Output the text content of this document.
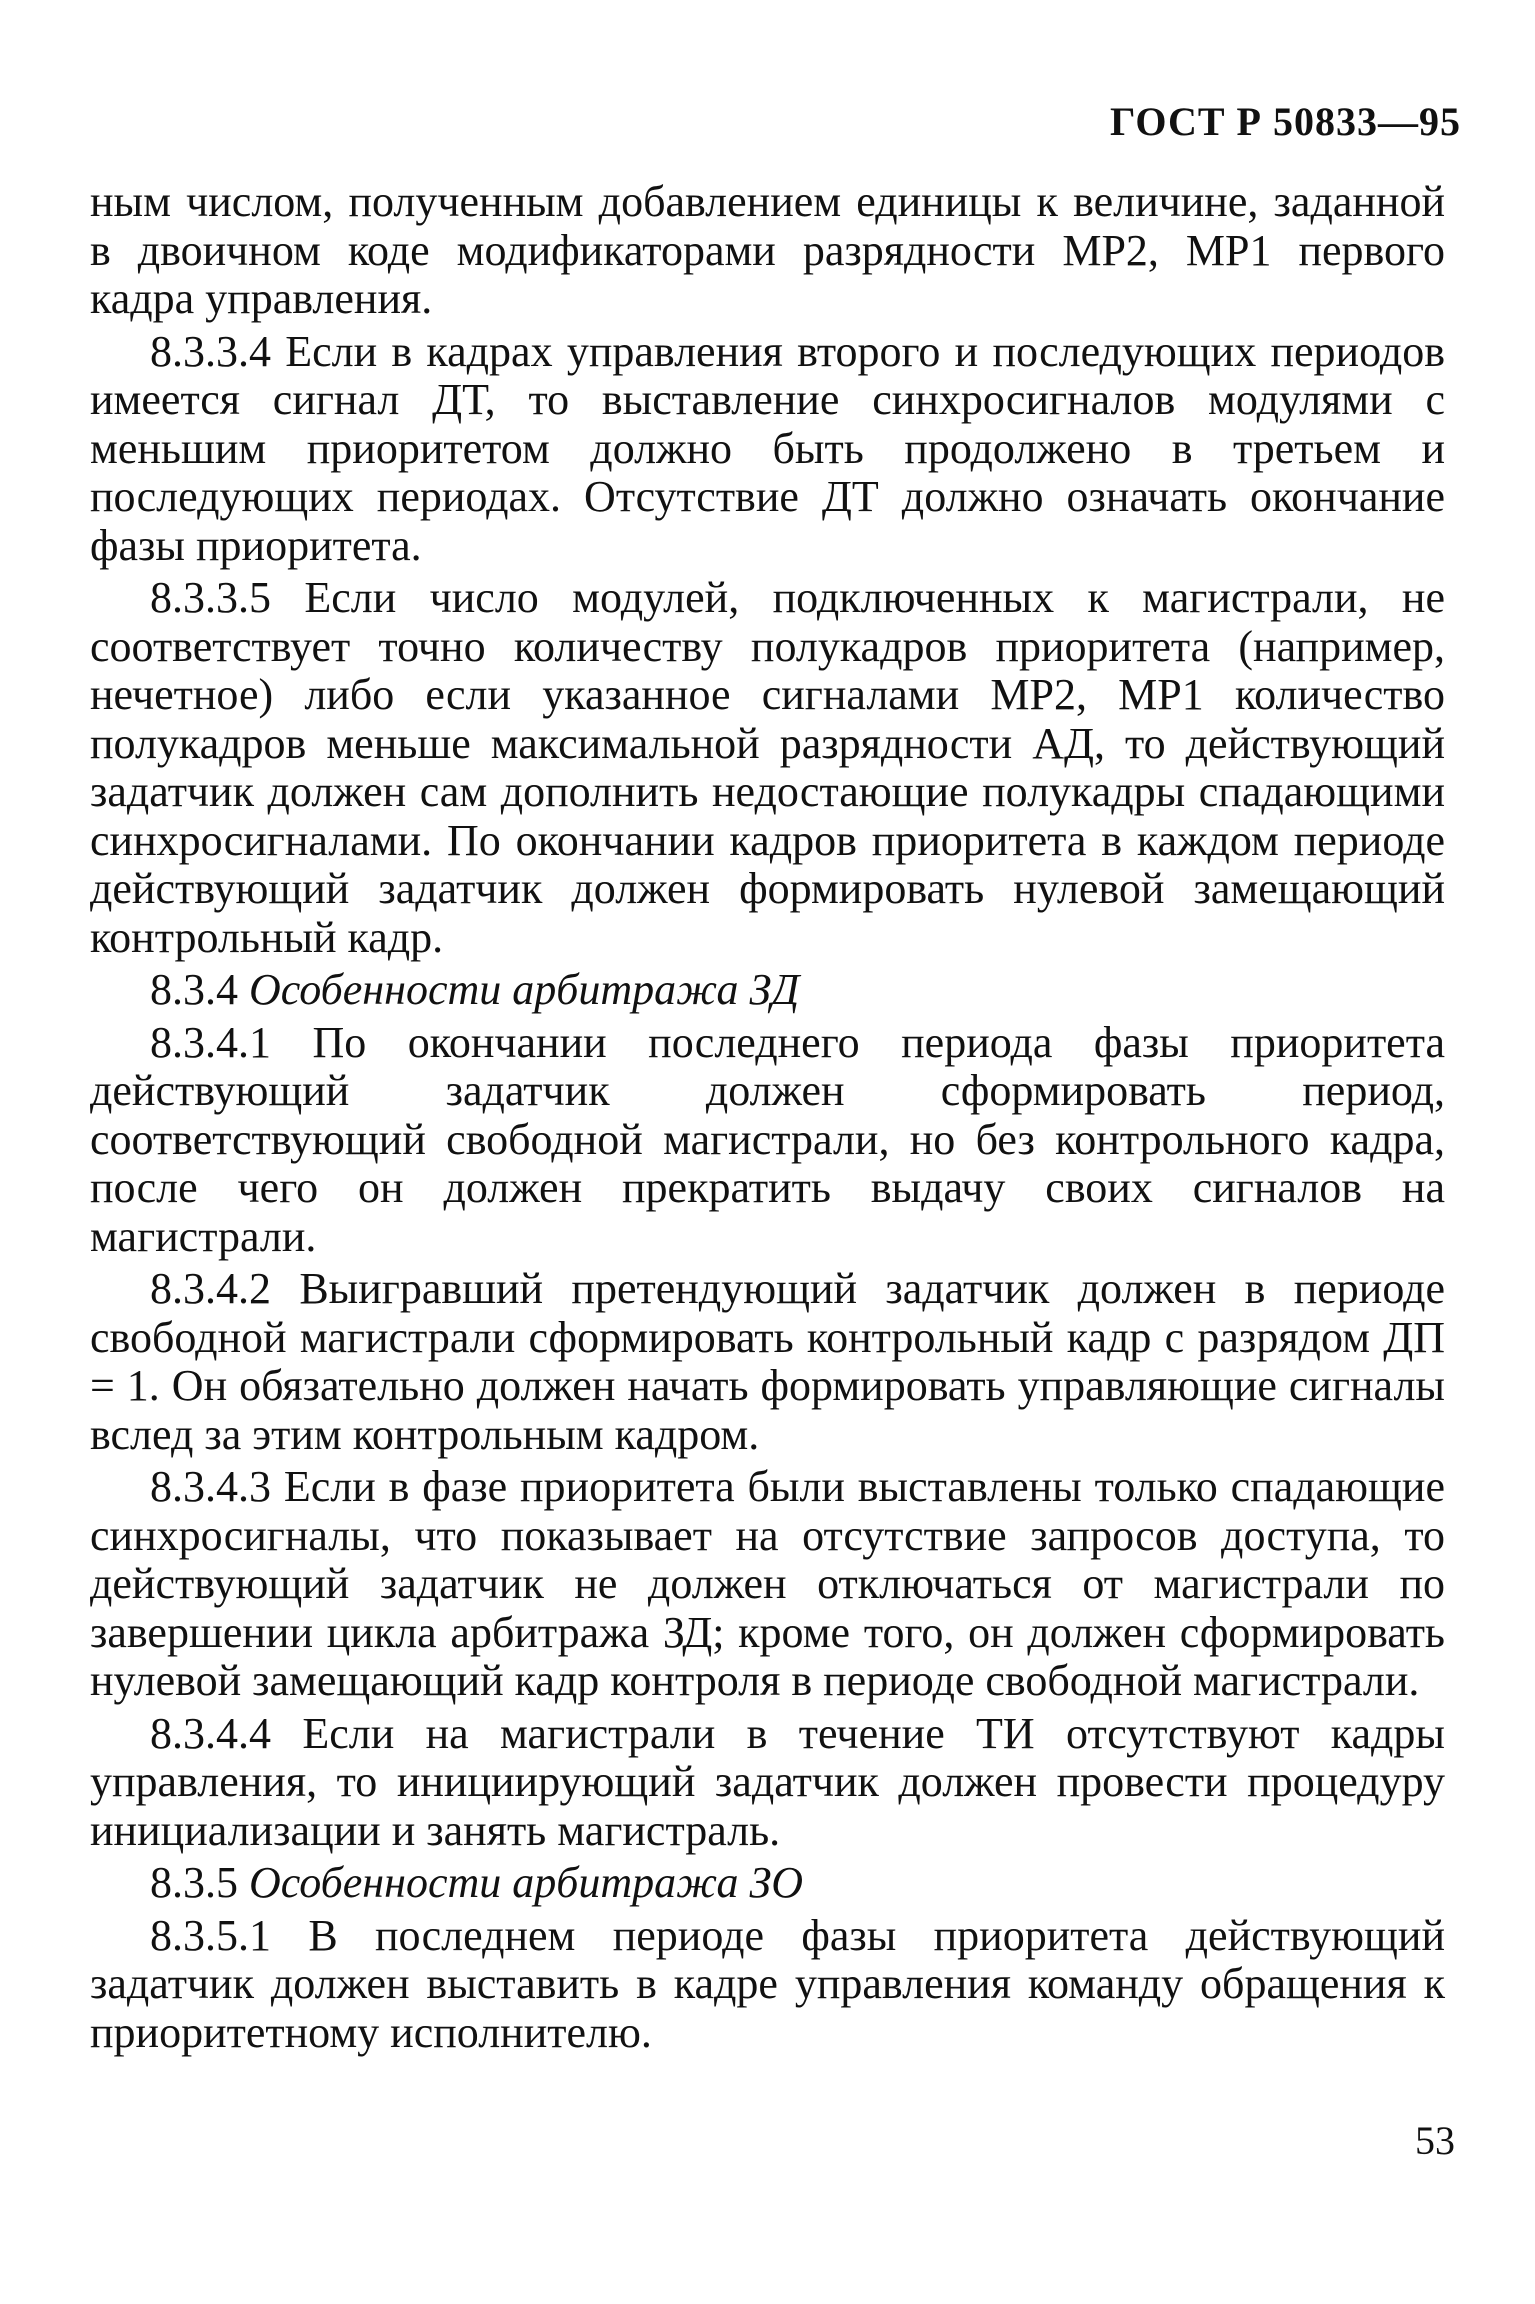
ГОСТ Р 50833—95

ным числом, полученным добавлением единицы к величине, заданной в двоичном коде модификаторами разрядности МР2, МР1 первого кадра управления.

8.3.3.4 Если в кадрах управления второго и последующих периодов имеется сигнал ДТ, то выставление синхросигналов модулями с меньшим приоритетом должно быть продолжено в третьем и последующих периодах. Отсутствие ДТ должно означать окончание фазы приоритета.

8.3.3.5 Если число модулей, подключенных к магистрали, не соответствует точно количеству полукадров приоритета (например, нечетное) либо если указанное сигналами МР2, МР1 количество полукадров меньше максимальной разрядности АД, то действующий задатчик должен сам дополнить недостающие полукадры спадающими синхросигналами. По окончании кадров приоритета в каждом периоде действующий задатчик должен формировать нулевой замещающий контрольный кадр.

8.3.4 Особенности арбитража ЗД

8.3.4.1 По окончании последнего периода фазы приоритета действующий задатчик должен сформировать период, соответствующий свободной магистрали, но без контрольного кадра, после чего он должен прекратить выдачу своих сигналов на магистрали.

8.3.4.2 Выигравший претендующий задатчик должен в периоде свободной магистрали сформировать контрольный кадр с разрядом ДП = 1. Он обязательно должен начать формировать управляющие сигналы вслед за этим контрольным кадром.

8.3.4.3 Если в фазе приоритета были выставлены только спадающие синхросигналы, что показывает на отсутствие запросов доступа, то действующий задатчик не должен отключаться от магистрали по завершении цикла арбитража ЗД; кроме того, он должен сформировать нулевой замещающий кадр контроля в периоде свободной магистрали.

8.3.4.4 Если на магистрали в течение ТИ отсутствуют кадры управления, то инициирующий задатчик должен провести процедуру инициализации и занять магистраль.

8.3.5 Особенности арбитража ЗО

8.3.5.1 В последнем периоде фазы приоритета действующий задатчик должен выставить в кадре управления команду обращения к приоритетному исполнителю.

53
